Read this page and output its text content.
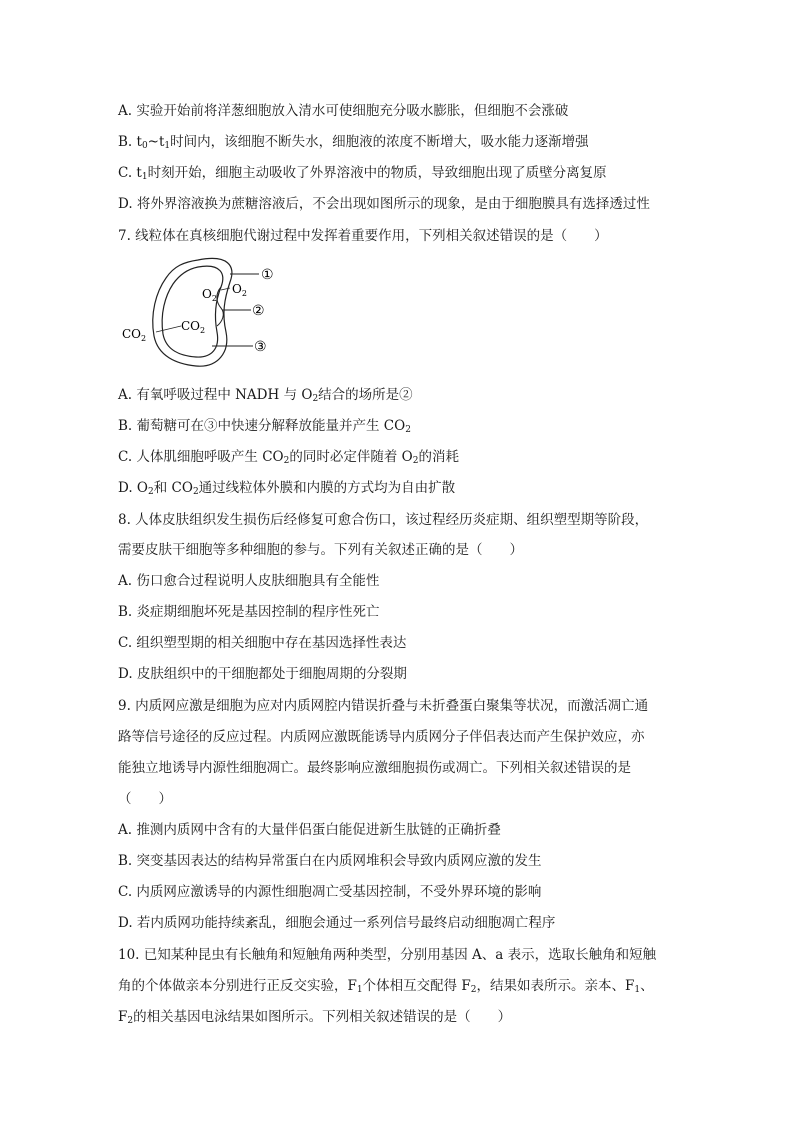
A. 实验开始前将洋葱细胞放入清水可使细胞充分吸水膨胀，但细胞不会涨破
B. $t_0\sim t_1$时间内，该细胞不断失水，细胞液的浓度不断增大，吸水能力逐渐增强
C. $t_1$时刻开始，细胞主动吸收了外界溶液中的物质，导致细胞出现了质壁分离复原
D. 将外界溶液换为蔗糖溶液后，不会出现如图所示的现象，是由于细胞膜具有选择透过性
7. 线粒体在真核细胞代谢过程中发挥着重要作用，下列相关叙述错误的是（　　）
①
②
③
$O_2$
$O_2$
$CO_2$
$CO_2$
A. 有氧呼吸过程中 NADH 与 $O_2$结合的场所是②
B. 葡萄糖可在③中快速分解释放能量并产生 $CO_2$
C. 人体肌细胞呼吸产生 $CO_2$的同时必定伴随着 $O_2$的消耗
D. $O_2$和 $CO_2$通过线粒体外膜和内膜的方式均为自由扩散
8. 人体皮肤组织发生损伤后经修复可愈合伤口，该过程经历炎症期、组织塑型期等阶段，
需要皮肤干细胞等多种细胞的参与。下列有关叙述正确的是（　　）
A. 伤口愈合过程说明人皮肤细胞具有全能性
B. 炎症期细胞坏死是基因控制的程序性死亡
C. 组织塑型期的相关细胞中存在基因选择性表达
D. 皮肤组织中的干细胞都处于细胞周期的分裂期
9. 内质网应激是细胞为应对内质网腔内错误折叠与未折叠蛋白聚集等状况，而激活凋亡通
路等信号途径的反应过程。内质网应激既能诱导内质网分子伴侣表达而产生保护效应，亦
能独立地诱导内源性细胞凋亡。最终影响应激细胞损伤或凋亡。下列相关叙述错误的是
（　　）
A. 推测内质网中含有的大量伴侣蛋白能促进新生肽链的正确折叠
B. 突变基因表达的结构异常蛋白在内质网堆积会导致内质网应激的发生
C. 内质网应激诱导的内源性细胞凋亡受基因控制，不受外界环境的影响
D. 若内质网功能持续紊乱，细胞会通过一系列信号最终启动细胞凋亡程序
10. 已知某种昆虫有长触角和短触角两种类型，分别用基因 A、a 表示，选取长触角和短触
角的个体做亲本分别进行正反交实验，$F_1$个体相互交配得 $F_2$，结果如表所示。亲本、$F_1$、
$F_2$的相关基因电泳结果如图所示。下列相关叙述错误的是（　　）
